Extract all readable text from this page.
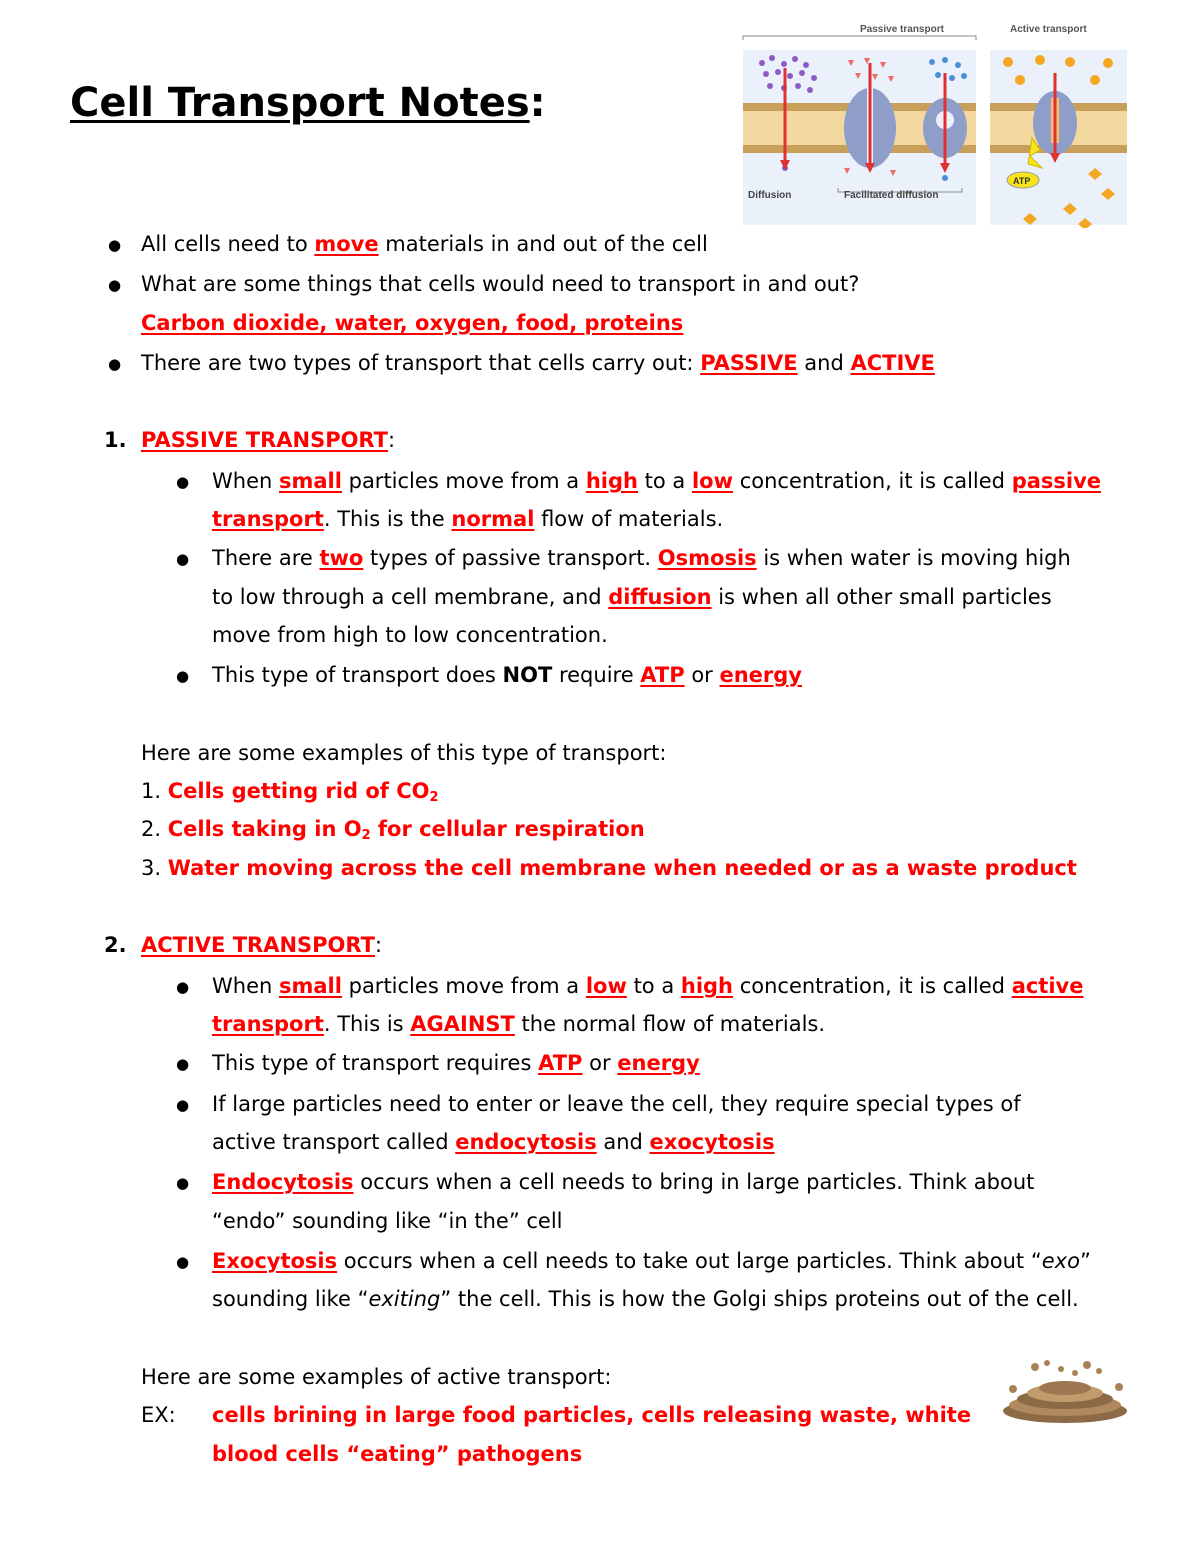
Cell Transport Notes:
Passive transport	Active transport
Diffusion	Facilitated diffusion
ATP
● All cells need to move materials in and out of the cell
● What are some things that cells would need to transport in and out?
Carbon dioxide, water, oxygen, food, proteins
● There are two types of transport that cells carry out: PASSIVE and ACTIVE
1. PASSIVE TRANSPORT:
● When small particles move from a high to a low concentration, it is called passive
transport. This is the normal flow of materials.
● There are two types of passive transport. Osmosis is when water is moving high
to low through a cell membrane, and diffusion is when all other small particles
move from high to low concentration.
● This type of transport does NOT require ATP or energy
Here are some examples of this type of transport:
1. Cells getting rid of $CO_2$
2. Cells taking in $O_2$ for cellular respiration
3. Water moving across the cell membrane when needed or as a waste product
2. ACTIVE TRANSPORT:
● When small particles move from a low to a high concentration, it is called active
transport. This is AGAINST the normal flow of materials.
● This type of transport requires ATP or energy
● If large particles need to enter or leave the cell, they require special types of
active transport called endocytosis and exocytosis
● Endocytosis occurs when a cell needs to bring in large particles. Think about
“endo” sounding like “in the” cell
● Exocytosis occurs when a cell needs to take out large particles. Think about “exo”
sounding like “exiting” the cell. This is how the Golgi ships proteins out of the cell.
Here are some examples of active transport:
EX: cells brining in large food particles, cells releasing waste, white
blood cells “eating” pathogens
